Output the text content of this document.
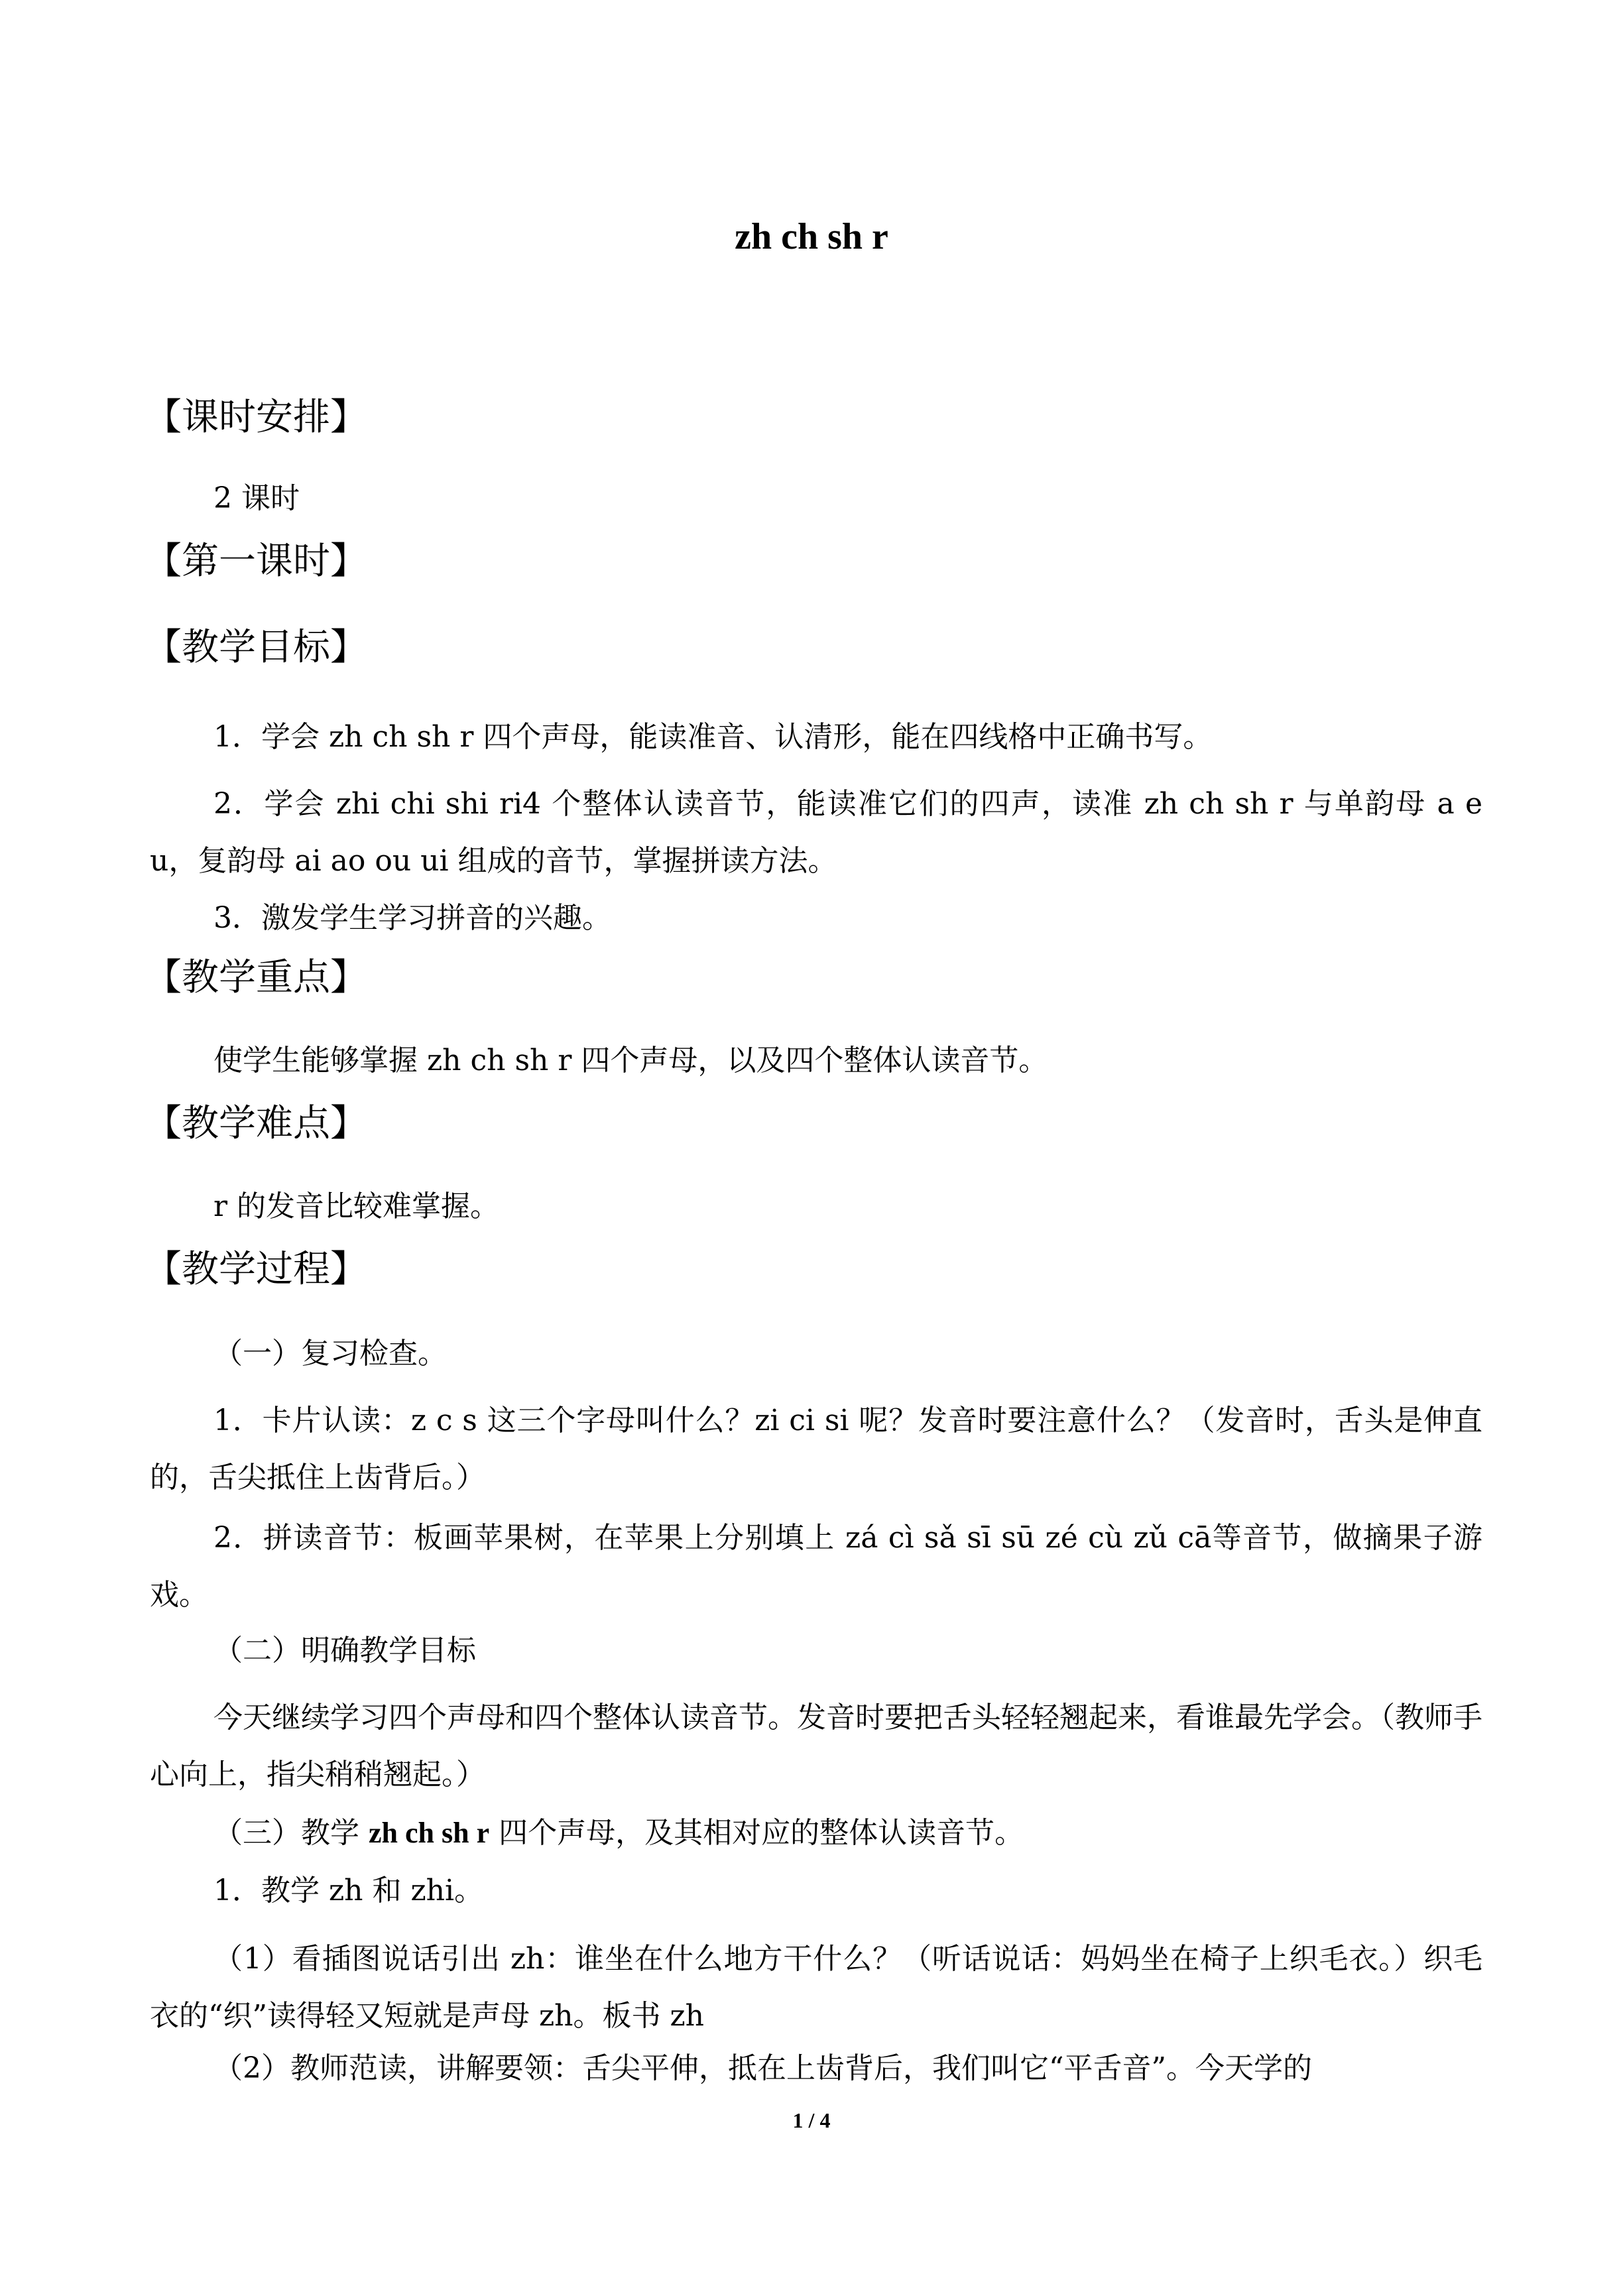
zh ch sh r
【课时安排】
2 课时
【第一课时】
【教学目标】
1．学会 zh ch sh r 四个声母，能读准音、认清形，能在四线格中正确书写。
2．学会 zhi chi shi ri4 个整体认读音节，能读准它们的四声，读准 zh ch sh r 与单韵母 a e u，复韵母 ai ao ou ui 组成的音节，掌握拼读方法。
3．激发学生学习拼音的兴趣。
【教学重点】
使学生能够掌握 zh ch sh r 四个声母，以及四个整体认读音节。
【教学难点】
r 的发音比较难掌握。
【教学过程】
（一）复习检查。
1．卡片认读：z c s 这三个字母叫什么？zi ci si 呢？发音时要注意什么？（发音时，舌头是伸直的，舌尖抵住上齿背后。）
2．拼读音节：板画苹果树，在苹果上分别填上 zá cì sǎ sī sū zé cù zǔ cā等音节，做摘果子游戏。
（二）明确教学目标
今天继续学习四个声母和四个整体认读音节。发音时要把舌头轻轻翘起来，看谁最先学会。（教师手心向上，指尖稍稍翘起。）
（三）教学 zh ch sh r 四个声母，及其相对应的整体认读音节。
1．教学 zh 和 zhi。
（1）看插图说话引出 zh：谁坐在什么地方干什么？（听话说话：妈妈坐在椅子上织毛衣。）织毛衣的“织”读得轻又短就是声母 zh。板书 zh
（2）教师范读，讲解要领：舌尖平伸，抵在上齿背后，我们叫它“平舌音”。今天学的
1 / 4
